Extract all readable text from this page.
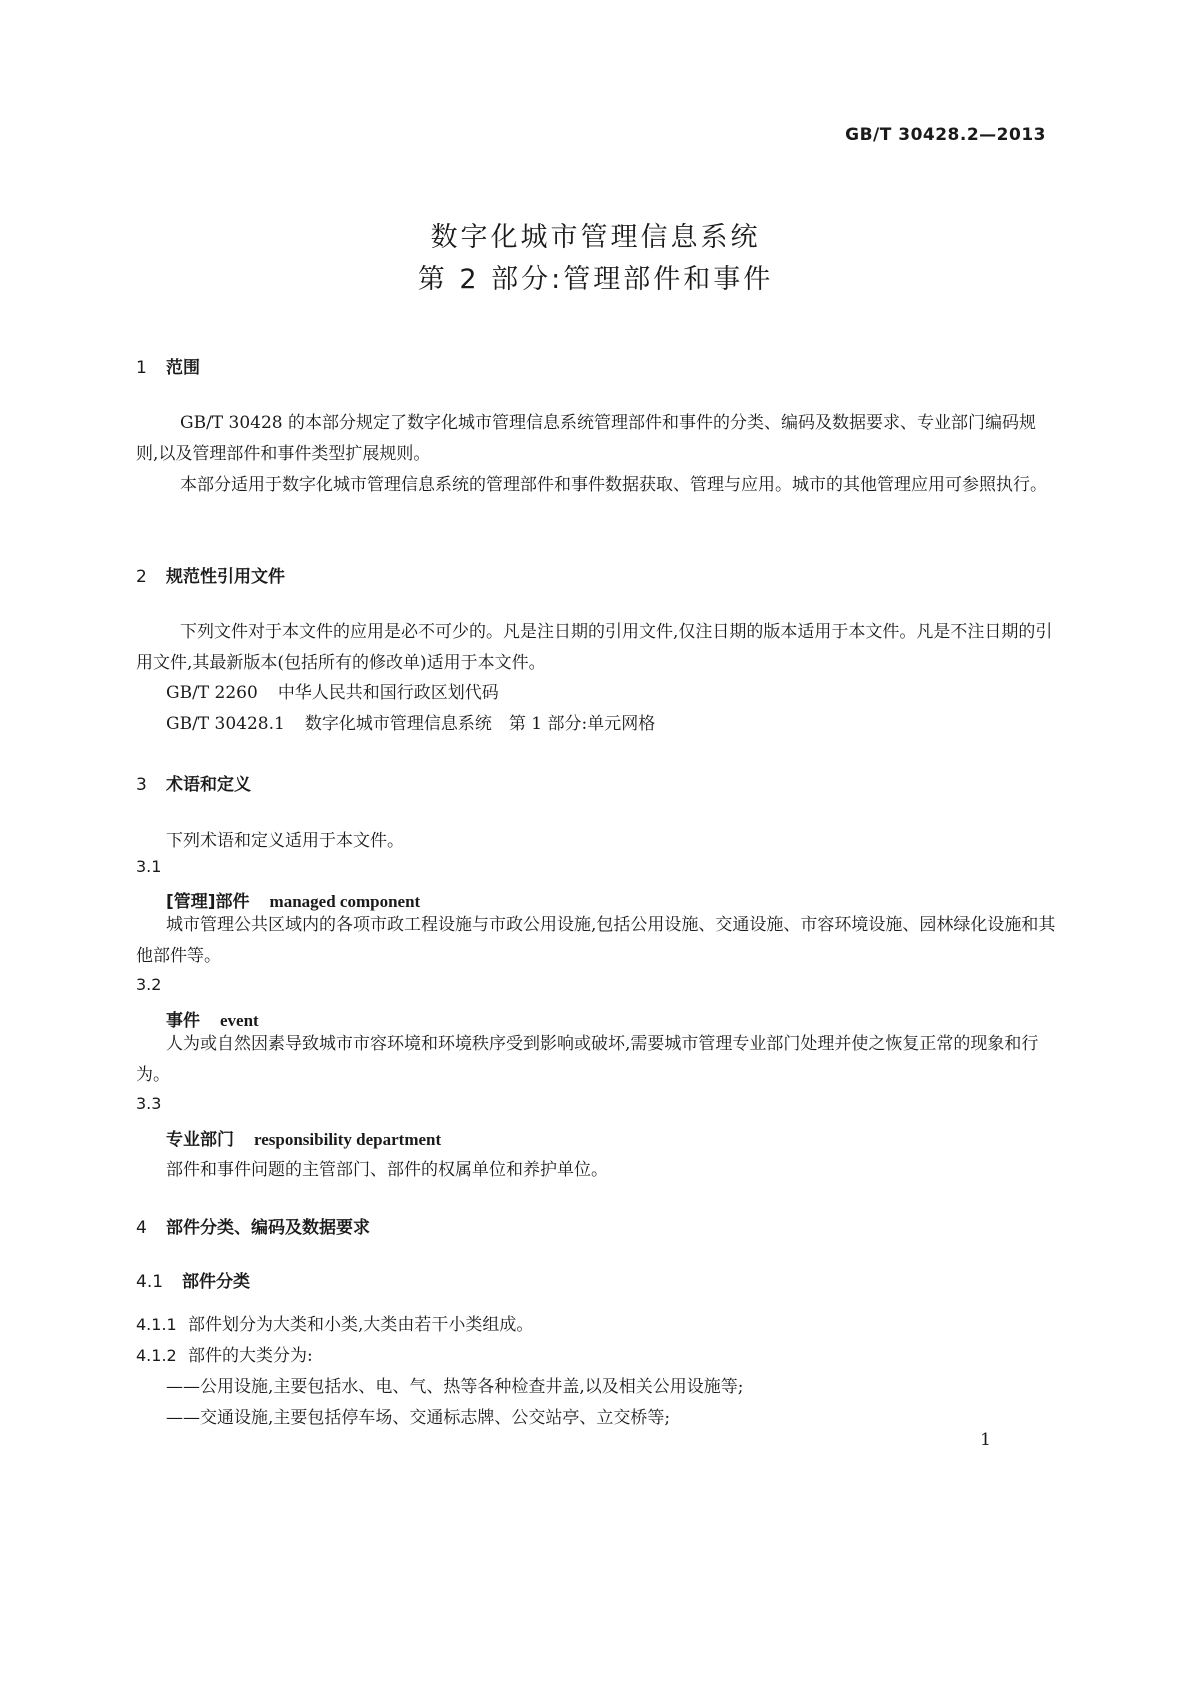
GB/T 30428.2—2013
数字化城市管理信息系统
第 2 部分:管理部件和事件
1 范围
GB/T 30428 的本部分规定了数字化城市管理信息系统管理部件和事件的分类、编码及数据要求、专业部门编码规则,以及管理部件和事件类型扩展规则。
本部分适用于数字化城市管理信息系统的管理部件和事件数据获取、管理与应用。城市的其他管理应用可参照执行。
2 规范性引用文件
下列文件对于本文件的应用是必不可少的。凡是注日期的引用文件,仅注日期的版本适用于本文件。凡是不注日期的引用文件,其最新版本(包括所有的修改单)适用于本文件。
GB/T 2260 中华人民共和国行政区划代码
GB/T 30428.1 数字化城市管理信息系统　第 1 部分:单元网格
3 术语和定义
下列术语和定义适用于本文件。
3.1
[管理]部件 managed component
城市管理公共区域内的各项市政工程设施与市政公用设施,包括公用设施、交通设施、市容环境设施、园林绿化设施和其他部件等。
3.2
事件 event
人为或自然因素导致城市市容环境和环境秩序受到影响或破坏,需要城市管理专业部门处理并使之恢复正常的现象和行为。
3.3
专业部门 responsibility department
部件和事件问题的主管部门、部件的权属单位和养护单位。
4 部件分类、编码及数据要求
4.1 部件分类
4.1.1 部件划分为大类和小类,大类由若干小类组成。
4.1.2 部件的大类分为:
——公用设施,主要包括水、电、气、热等各种检查井盖,以及相关公用设施等;
——交通设施,主要包括停车场、交通标志牌、公交站亭、立交桥等;
1
